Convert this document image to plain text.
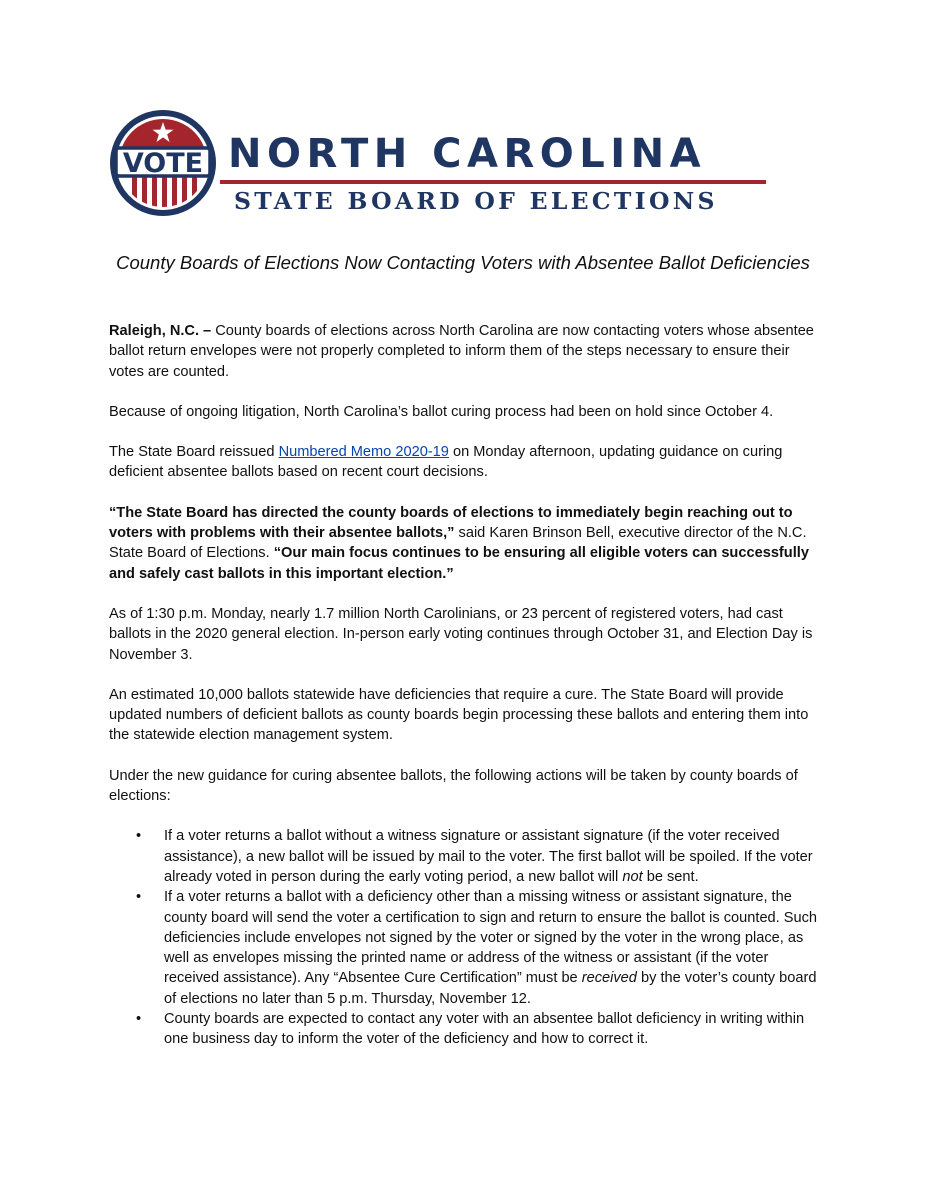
VOTE NORTH CAROLINA
STATE BOARD OF ELECTIONS
County Boards of Elections Now Contacting Voters with Absentee Ballot Deficiencies

Raleigh, N.C. – County boards of elections across North Carolina are now contacting voters whose absentee ballot return envelopes were not properly completed to inform them of the steps necessary to ensure their votes are counted.

Because of ongoing litigation, North Carolina’s ballot curing process had been on hold since October 4.

The State Board reissued Numbered Memo 2020-19 on Monday afternoon, updating guidance on curing deficient absentee ballots based on recent court decisions.

“The State Board has directed the county boards of elections to immediately begin reaching out to voters with problems with their absentee ballots,” said Karen Brinson Bell, executive director of the N.C. State Board of Elections. “Our main focus continues to be ensuring all eligible voters can successfully and safely cast ballots in this important election.”

As of 1:30 p.m. Monday, nearly 1.7 million North Carolinians, or 23 percent of registered voters, had cast ballots in the 2020 general election. In-person early voting continues through October 31, and Election Day is November 3.

An estimated 10,000 ballots statewide have deficiencies that require a cure. The State Board will provide updated numbers of deficient ballots as county boards begin processing these ballots and entering them into the statewide election management system.

Under the new guidance for curing absentee ballots, the following actions will be taken by county boards of elections:

• If a voter returns a ballot without a witness signature or assistant signature (if the voter received assistance), a new ballot will be issued by mail to the voter. The first ballot will be spoiled. If the voter already voted in person during the early voting period, a new ballot will not be sent.
• If a voter returns a ballot with a deficiency other than a missing witness or assistant signature, the county board will send the voter a certification to sign and return to ensure the ballot is counted. Such deficiencies include envelopes not signed by the voter or signed by the voter in the wrong place, as well as envelopes missing the printed name or address of the witness or assistant (if the voter received assistance). Any “Absentee Cure Certification” must be received by the voter’s county board of elections no later than 5 p.m. Thursday, November 12.
• County boards are expected to contact any voter with an absentee ballot deficiency in writing within one business day to inform the voter of the deficiency and how to correct it.
